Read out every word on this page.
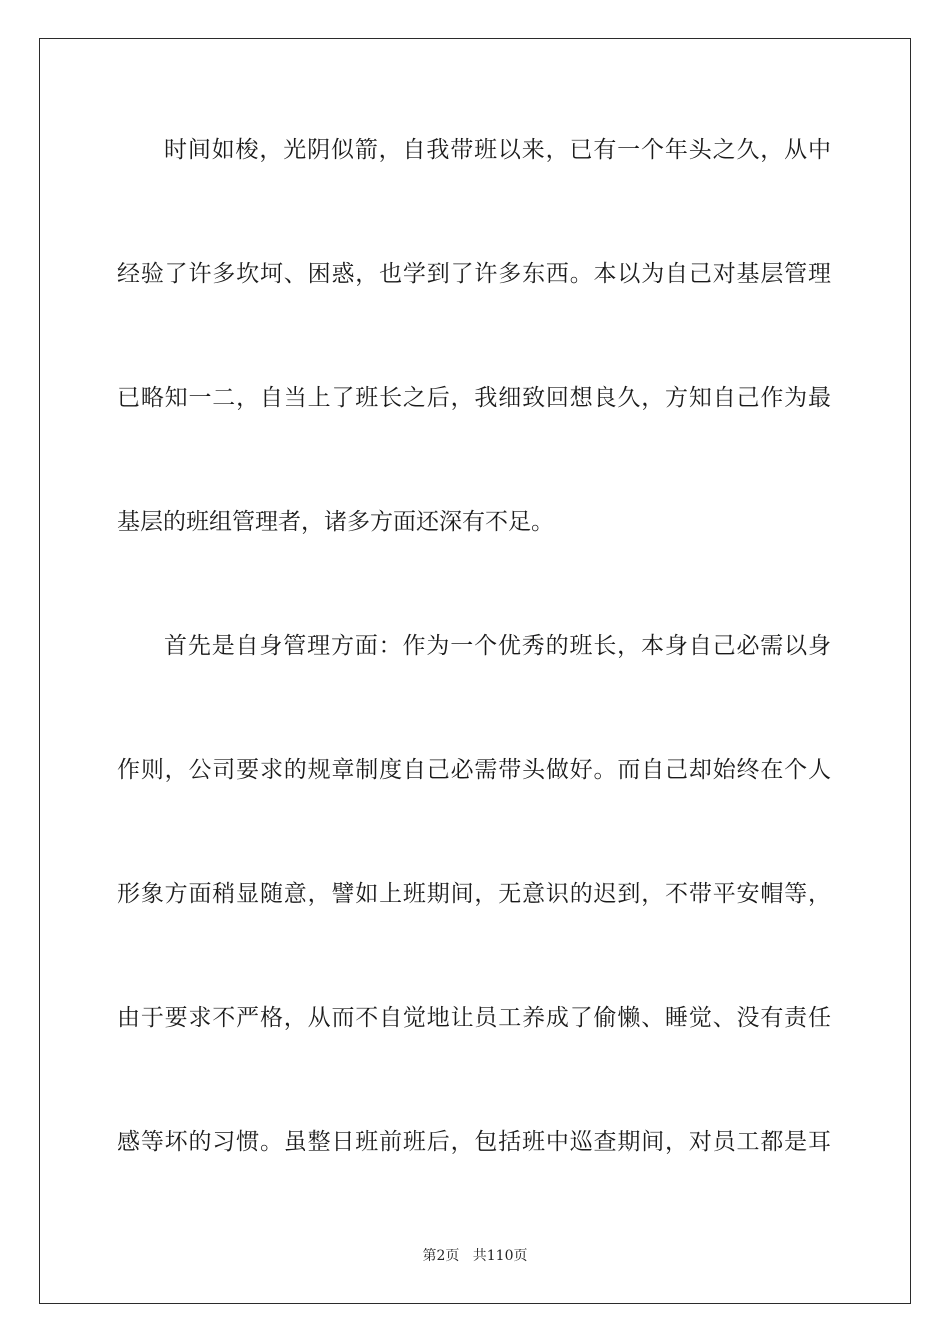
时间如梭，光阴似箭，自我带班以来，已有一个年头之久，从中
经验了许多坎坷、困惑，也学到了许多东西。本以为自己对基层管理
已略知一二，自当上了班长之后，我细致回想良久，方知自己作为最
基层的班组管理者，诸多方面还深有不足。
首先是自身管理方面：作为一个优秀的班长，本身自己必需以身
作则，公司要求的规章制度自己必需带头做好。而自己却始终在个人
形象方面稍显随意，譬如上班期间，无意识的迟到，不带平安帽等，
由于要求不严格，从而不自觉地让员工养成了偷懒、睡觉、没有责任
感等坏的习惯。虽整日班前班后，包括班中巡查期间，对员工都是耳
第2页 共110页
